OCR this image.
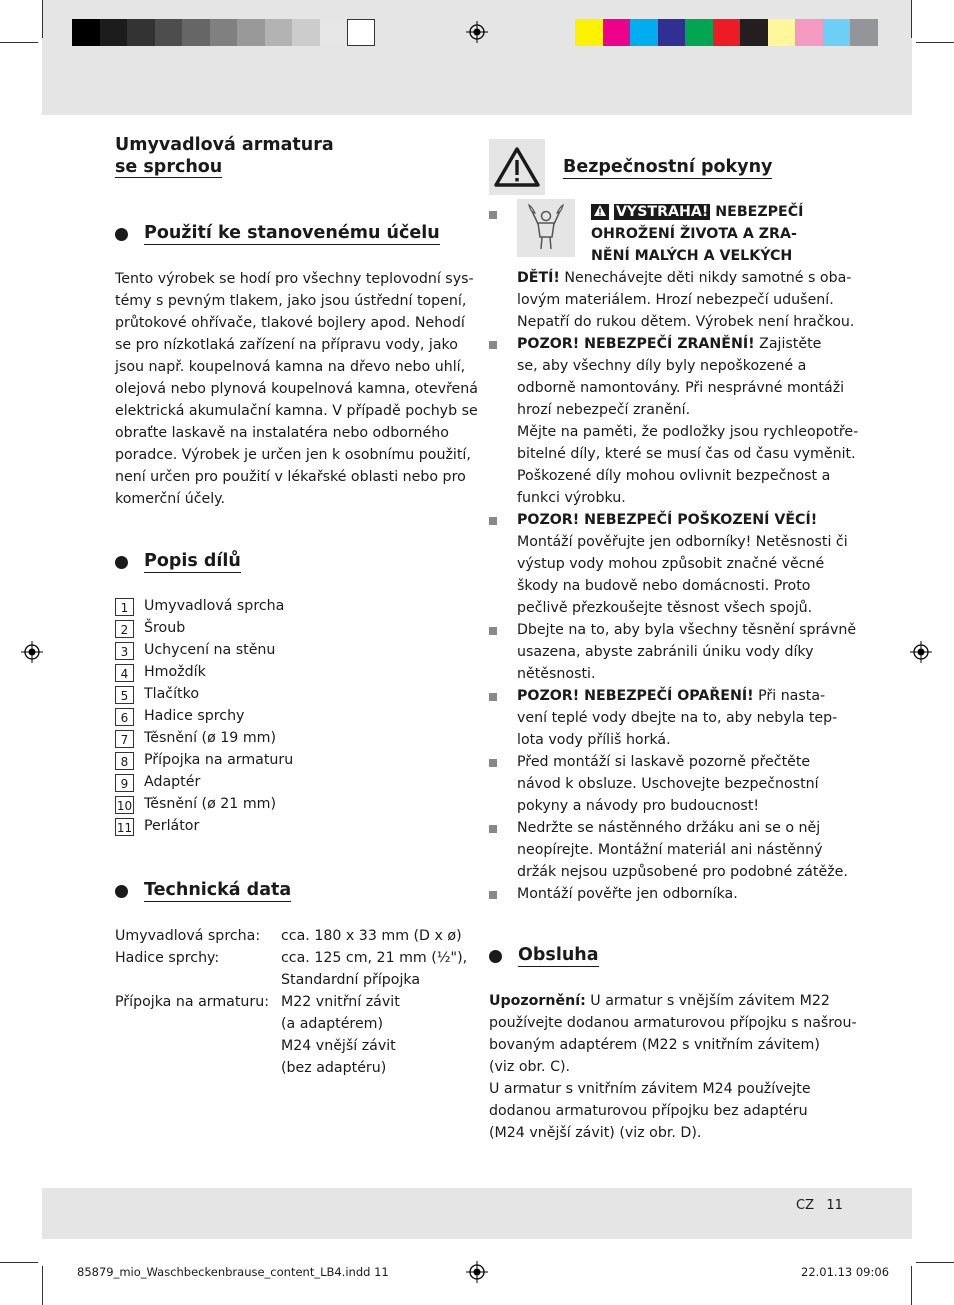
Umyvadlová armatura
se sprchou
Použití ke stanovenému účelu
Tento výrobek se hodí pro všechny teplovodní sys-
témy s pevným tlakem, jako jsou ústřední topení,
průtokové ohřívače, tlakové bojlery apod. Nehodí
se pro nízkotlaká zařízení na přípravu vody, jako
jsou např. koupelnová kamna na dřevo nebo uhlí,
olejová nebo plynová koupelnová kamna, otevřená
elektrická akumulační kamna. V případě pochyb se
obraťte laskavě na instalatéra nebo odborného
poradce. Výrobek je určen jen k osobnímu použití,
není určen pro použití v lékařské oblasti nebo pro
komerční účely.
Popis dílů
1	Umyvadlová sprcha
2	Šroub
3	Uchycení na stěnu
4	Hmoždík
5	Tlačítko
6	Hadice sprchy
7	Těsnění (ø 19 mm)
8	Přípojka na armaturu
9	Adaptér
10 Těsnění (ø 21 mm)
11 Perlátor
Technická data
Umyvadlová sprcha: cca. 180 x 33 mm (D x ø)
Hadice sprchy:	cca. 125 cm, 21 mm (½"),
Standardní přípojka
Přípojka na armaturu: M22 vnitřní závit
(a adaptérem)
M24 vnější závit
(bez adaptéru)
Bezpečnostní pokyny
VÝSTRAHA! NEBEZPEČÍ
OHROŽENÍ ŽIVOTA A ZRA-
NĚNÍ MALÝCH A VELKÝCH
DĚTÍ! Nenechávejte děti nikdy samotné s oba-
lovým materiálem. Hrozí nebezpečí udušení.
Nepatří do rukou dětem. Výrobek není hračkou.
POZOR! NEBEZPEČÍ ZRANĚNÍ! Zajistěte
se, aby všechny díly byly nepoškozené a
odborně namontovány. Při nesprávné montáži
hrozí nebezpečí zranění.
Mějte na paměti, že podložky jsou rychleopotře-
bitelné díly, které se musí čas od času vyměnit.
Poškozené díly mohou ovlivnit bezpečnost a
funkci výrobku.
POZOR! NEBEZPEČÍ POŠKOZENÍ VĚCÍ!
Montáží pověřujte jen odborníky! Netěsnosti či
výstup vody mohou způsobit značné věcné
škody na budově nebo domácnosti. Proto
pečlivě přezkoušejte těsnost všech spojů.
Dbejte na to, aby byla všechny těsnění správně
usazena, abyste zabránili úniku vody díky
nětěsnosti.
POZOR! NEBEZPEČÍ OPAŘENÍ! Při nasta-
vení teplé vody dbejte na to, aby nebyla tep-
lota vody příliš horká.
Před montáží si laskavě pozorně přečtěte
návod k obsluze. Uschovejte bezpečnostní
pokyny a návody pro budoucnost!
Nedržte se nástěnného držáku ani se o něj
neopírejte. Montážní materiál ani nástěnný
držák nejsou uzpůsobené pro podobné zátěže.
Montáží pověřte jen odborníka.
Obsluha
Upozornění: U armatur s vnějším závitem M22
používejte dodanou armaturovou přípojku s našrou-
bovaným adaptérem (M22 s vnitřním závitem)
(viz obr. C).
U armatur s vnitřním závitem M24 používejte
dodanou armaturovou přípojku bez adaptéru
(M24 vnější závit) (viz obr. D).
CZ 11
85879_mio_Waschbeckenbrause_content_LB4.indd 11	22.01.13 09:06
